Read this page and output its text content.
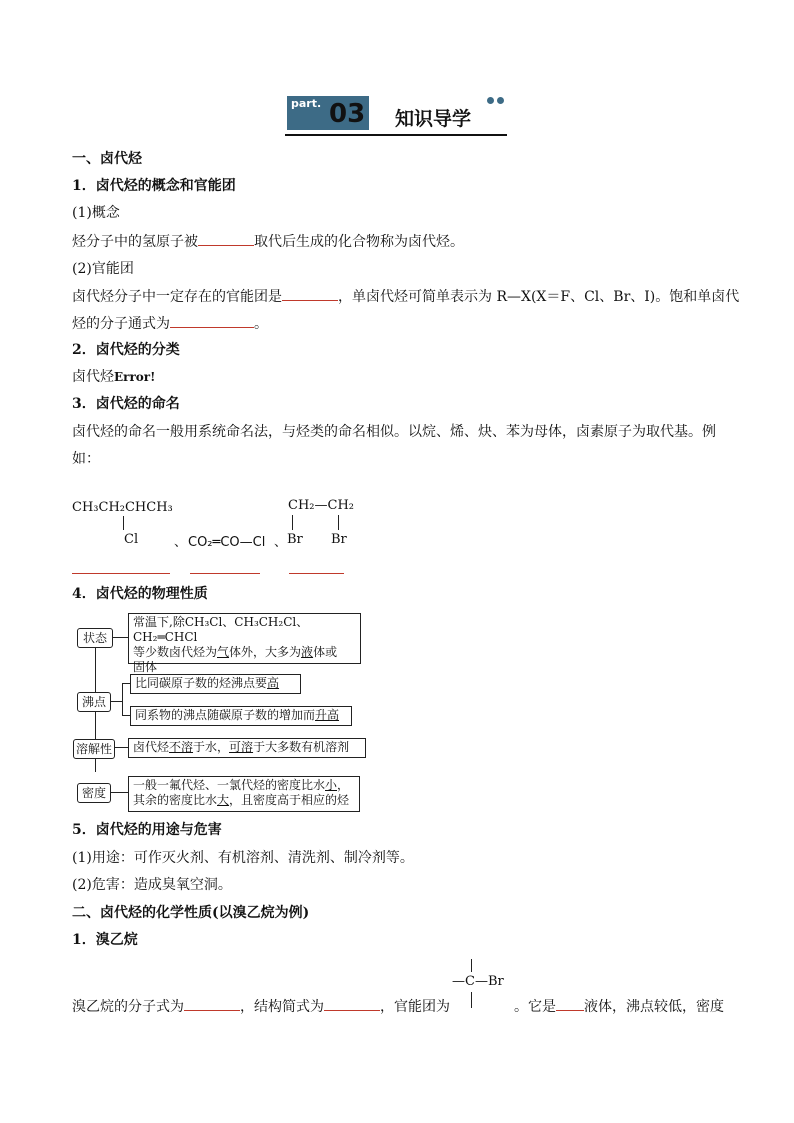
part. 03 知识导学
一、卤代烃
1．卤代烃的概念和官能团
(1)概念
烃分子中的氢原子被	取代后生成的化合物称为卤代烃。
(2)官能团
卤代烃分子中一定存在的官能团是	，单卤代烃可简单表示为 R—X(X＝F、Cl、Br、I)。饱和单卤代
烃的分子通式为	。
2．卤代烃的分类
卤代烃Error!
3．卤代烃的命名
卤代烃的命名一般用系统命名法，与烃类的命名相似。以烷、烯、炔、苯为母体，卤素原子为取代基。例
如：
CH₃CH₂CHCH₃
Cl	、 CO₂═CO—Cl 、
CH₂—CH₂
Br Br
4．卤代烃的物理性质
状态
沸点
溶解性
密度
常温下,除CH₃Cl、CH₃CH₂Cl、CH₂═CHCl
等少数卤代烃为气体外，大多为液体或
固体
比同碳原子数的烃沸点要高
同系物的沸点随碳原子数的增加而升高
卤代烃不溶于水，可溶于大多数有机溶剂
一般一氟代烃、一氯代烃的密度比水小，
其余的密度比水大，且密度高于相应的烃
5．卤代烃的用途与危害
(1)用途：可作灭火剂、有机溶剂、清洗剂、制冷剂等。
(2)危害：造成臭氧空洞。
二、卤代烃的化学性质(以溴乙烷为例)
1．溴乙烷
—C—Br
溴乙烷的分子式为	，结构简式为	，官能团为	。它是 液体，沸点较低，密度
